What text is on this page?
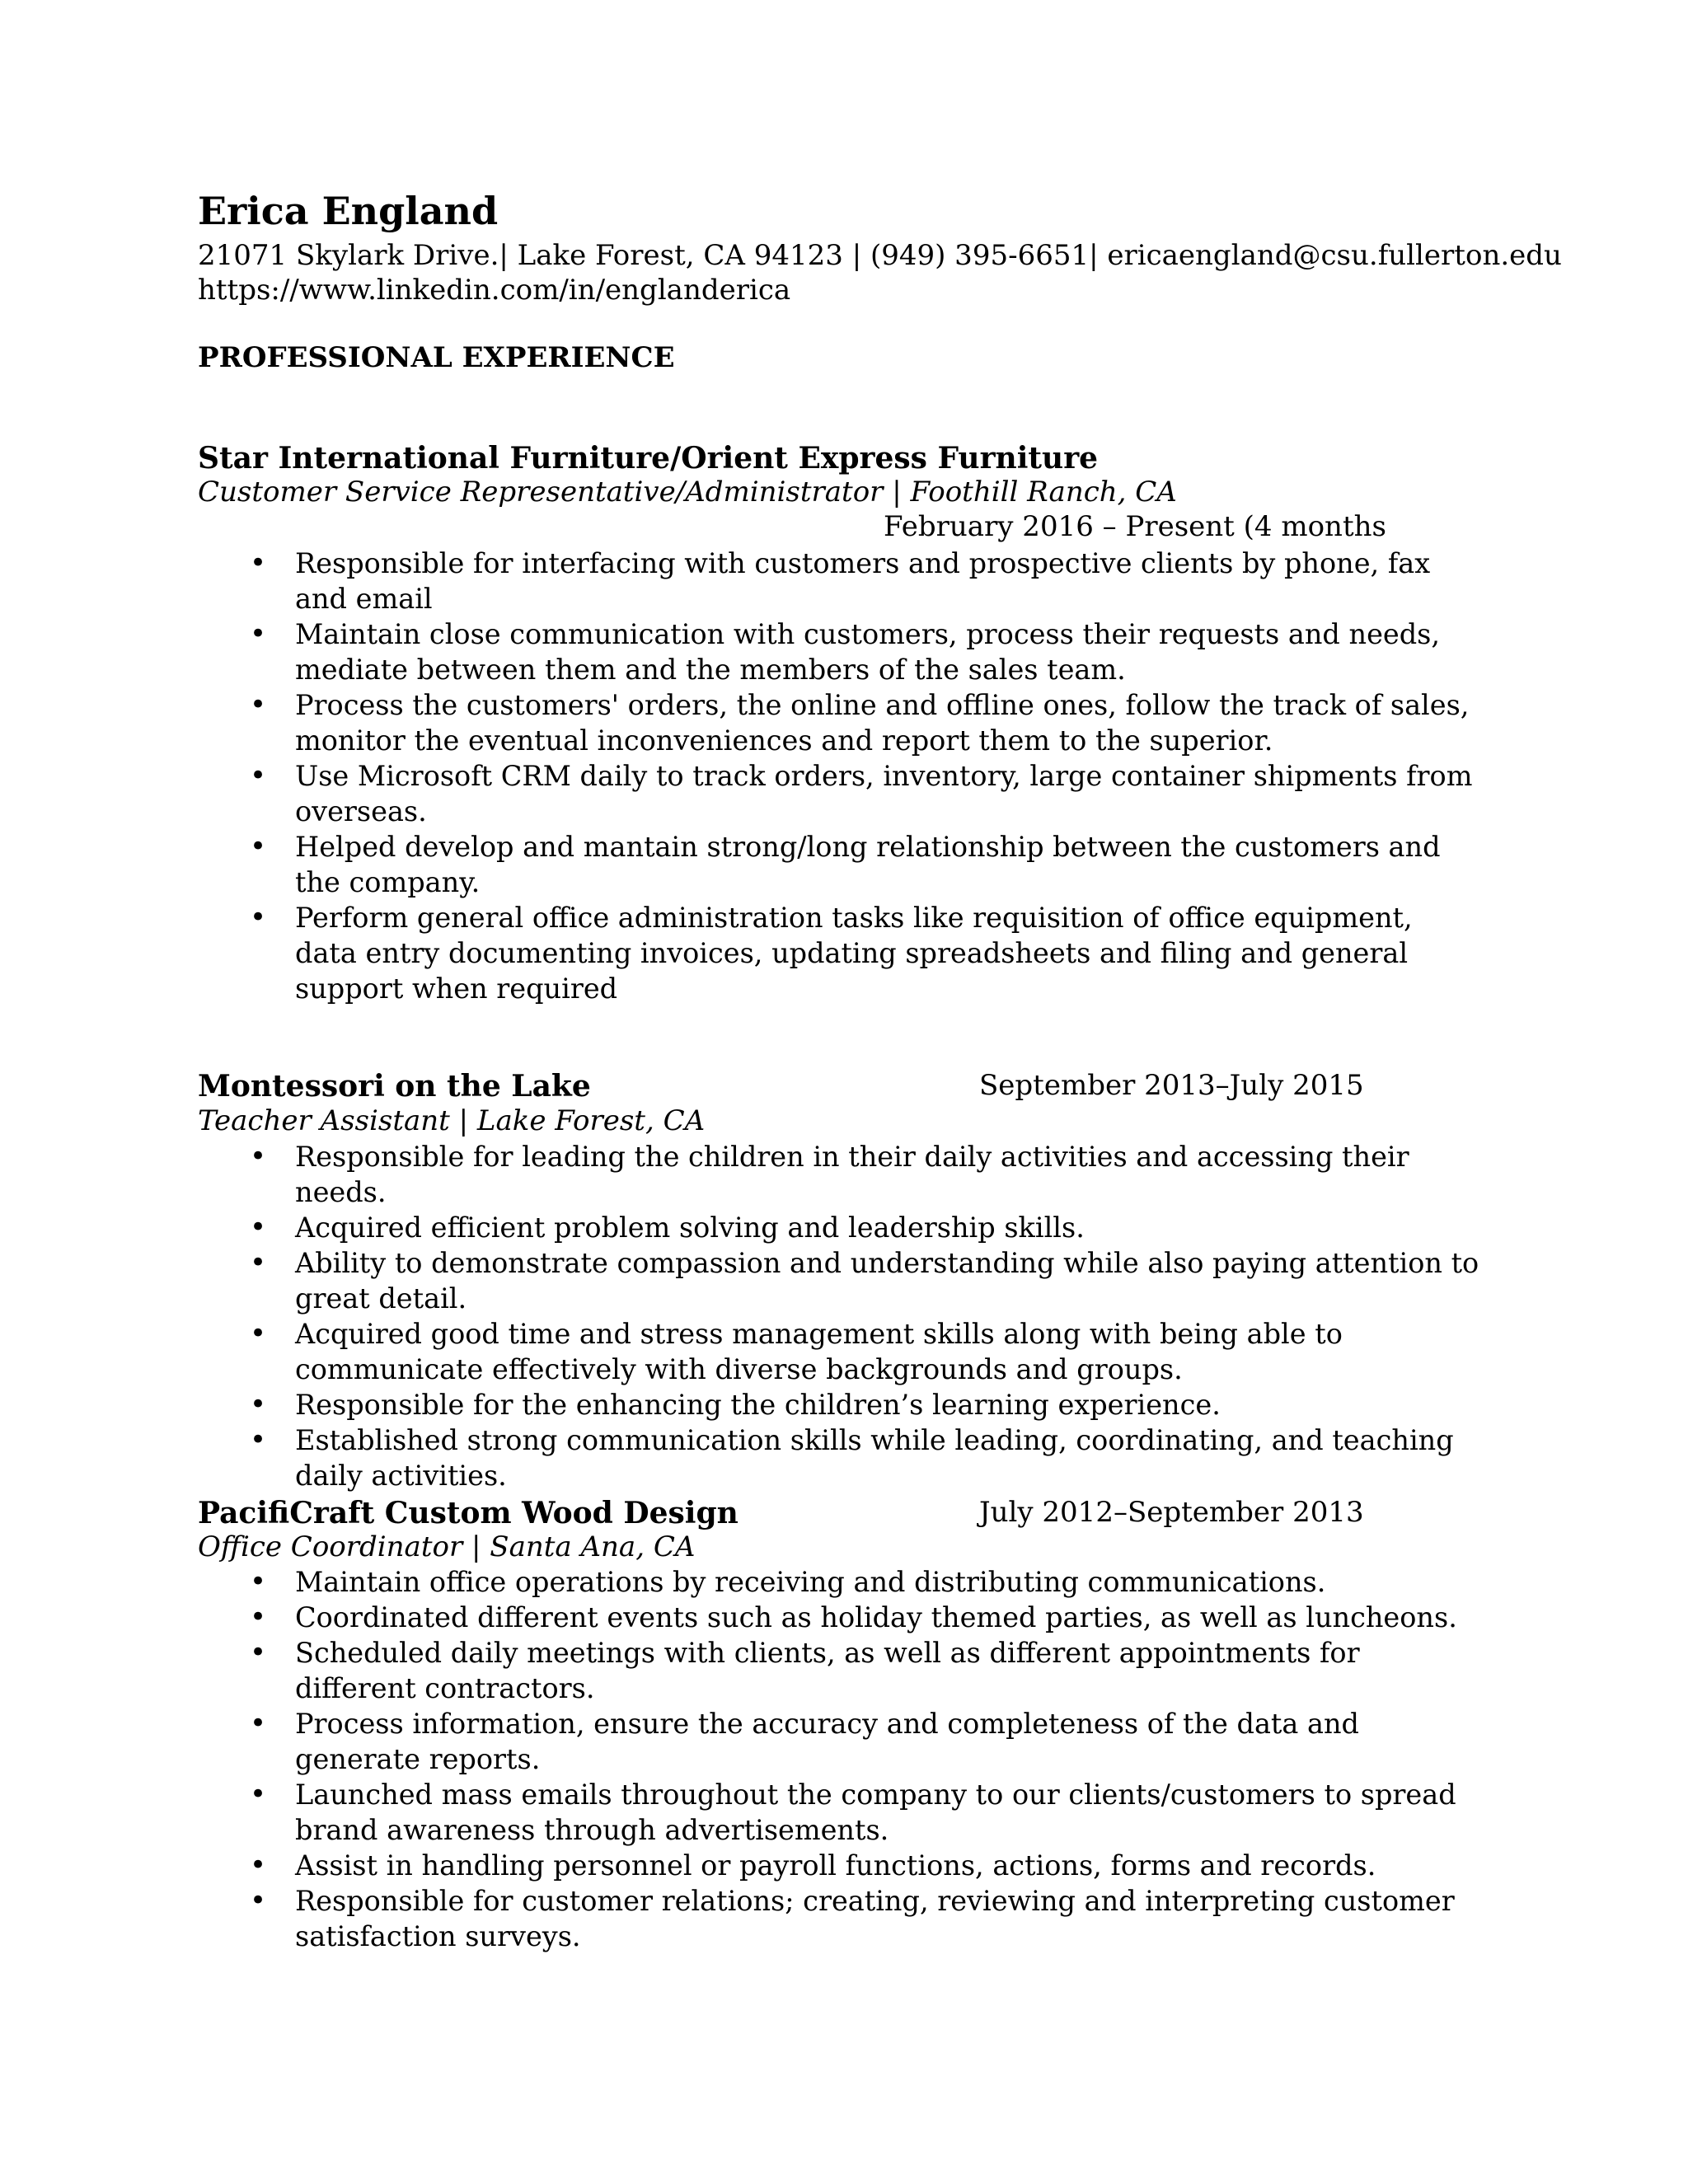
Erica England
21071 Skylark Drive.| Lake Forest, CA 94123 | (949) 395-6651| ericaengland@csu.fullerton.edu
https://www.linkedin.com/in/englanderica
PROFESSIONAL EXPERIENCE
Star International Furniture/Orient Express Furniture
Customer Service Representative/Administrator | Foothill Ranch, CA
February 2016 – Present (4 months
• Responsible for interfacing with customers and prospective clients by phone, fax and email
• Maintain close communication with customers, process their requests and needs, mediate between them and the members of the sales team.
• Process the customers' orders, the online and offline ones, follow the track of sales, monitor the eventual inconveniences and report them to the superior.
• Use Microsoft CRM daily to track orders, inventory, large container shipments from overseas.
• Helped develop and mantain strong/long relationship between the customers and the company.
• Perform general office administration tasks like requisition of office equipment, data entry documenting invoices, updating spreadsheets and filing and general support when required
Montessori on the Lake	September 2013–July 2015
Teacher Assistant | Lake Forest, CA
• Responsible for leading the children in their daily activities and accessing their needs.
• Acquired efficient problem solving and leadership skills.
• Ability to demonstrate compassion and understanding while also paying attention to great detail.
• Acquired good time and stress management skills along with being able to communicate effectively with diverse backgrounds and groups.
• Responsible for the enhancing the children’s learning experience.
• Established strong communication skills while leading, coordinating, and teaching daily activities.
PacifiCraft Custom Wood Design	July 2012–September 2013
Office Coordinator | Santa Ana, CA
• Maintain office operations by receiving and distributing communications.
• Coordinated different events such as holiday themed parties, as well as luncheons.
• Scheduled daily meetings with clients, as well as different appointments for different contractors.
• Process information, ensure the accuracy and completeness of the data and generate reports.
• Launched mass emails throughout the company to our clients/customers to spread brand awareness through advertisements.
• Assist in handling personnel or payroll functions, actions, forms and records.
• Responsible for customer relations; creating, reviewing and interpreting customer satisfaction surveys.
